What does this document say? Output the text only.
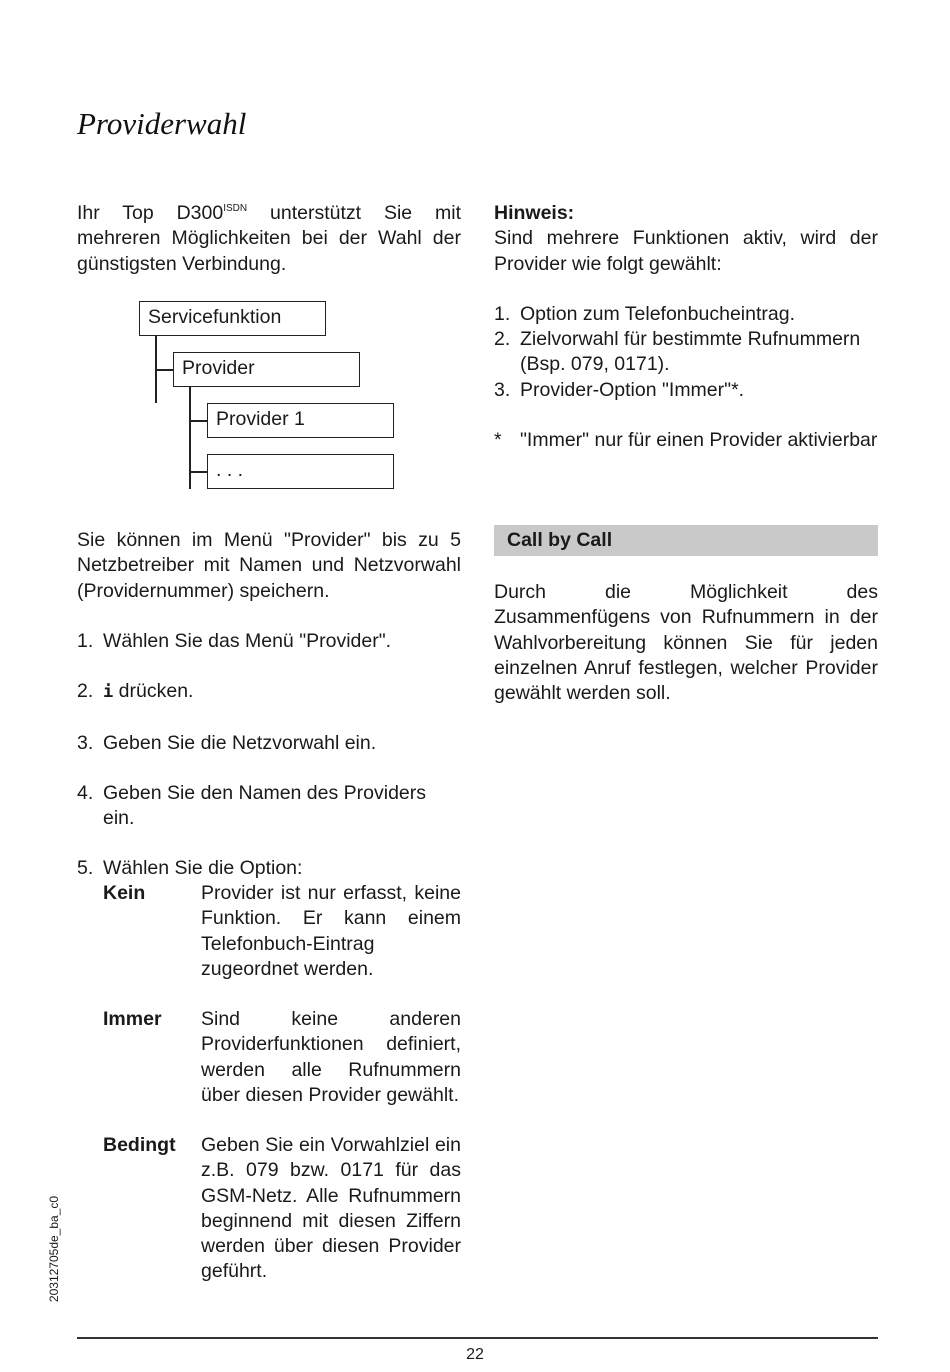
Providerwahl

Ihr Top $D300^{ISDN}$ unterstützt Sie mit mehreren Möglichkeiten bei der Wahl der günstigsten Verbindung.

Servicefunktion
Provider
Provider 1
. . .

Sie können im Menü "Provider" bis zu 5 Netzbetreiber mit Namen und Netzvorwahl (Providernummer) speichern.

1. Wählen Sie das Menü "Provider".
2. i drücken.
3. Geben Sie die Netzvorwahl ein.
4. Geben Sie den Namen des Providers ein.
5. Wählen Sie die Option:
Kein	Provider ist nur erfasst, keine Funktion. Er kann einem Telefonbuch-Eintrag zugeordnet werden.
Immer Sind keine anderen Providerfunktionen definiert, werden alle Rufnummern über diesen Provider gewählt.
Bedingt Geben Sie ein Vorwahlziel ein z.B. 079 bzw. 0171 für das GSM-Netz. Alle Rufnummern beginnend mit diesen Ziffern werden über diesen Provider geführt.

Hinweis:

Sind mehrere Funktionen aktiv, wird der Provider wie folgt gewählt:

1. Option zum Telefonbucheintrag.
2. Zielvorwahl für bestimmte Rufnummern (Bsp. 079, 0171).
3. Provider-Option "Immer"*.
* "Immer" nur für einen Provider aktivierbar
Call by Call

Durch die Möglichkeit des Zusammenfügens von Rufnummern in der Wahlvorbereitung können Sie für jeden einzelnen Anruf festlegen, welcher Provider gewählt werden soll.

22
20312705de_ba_c0
